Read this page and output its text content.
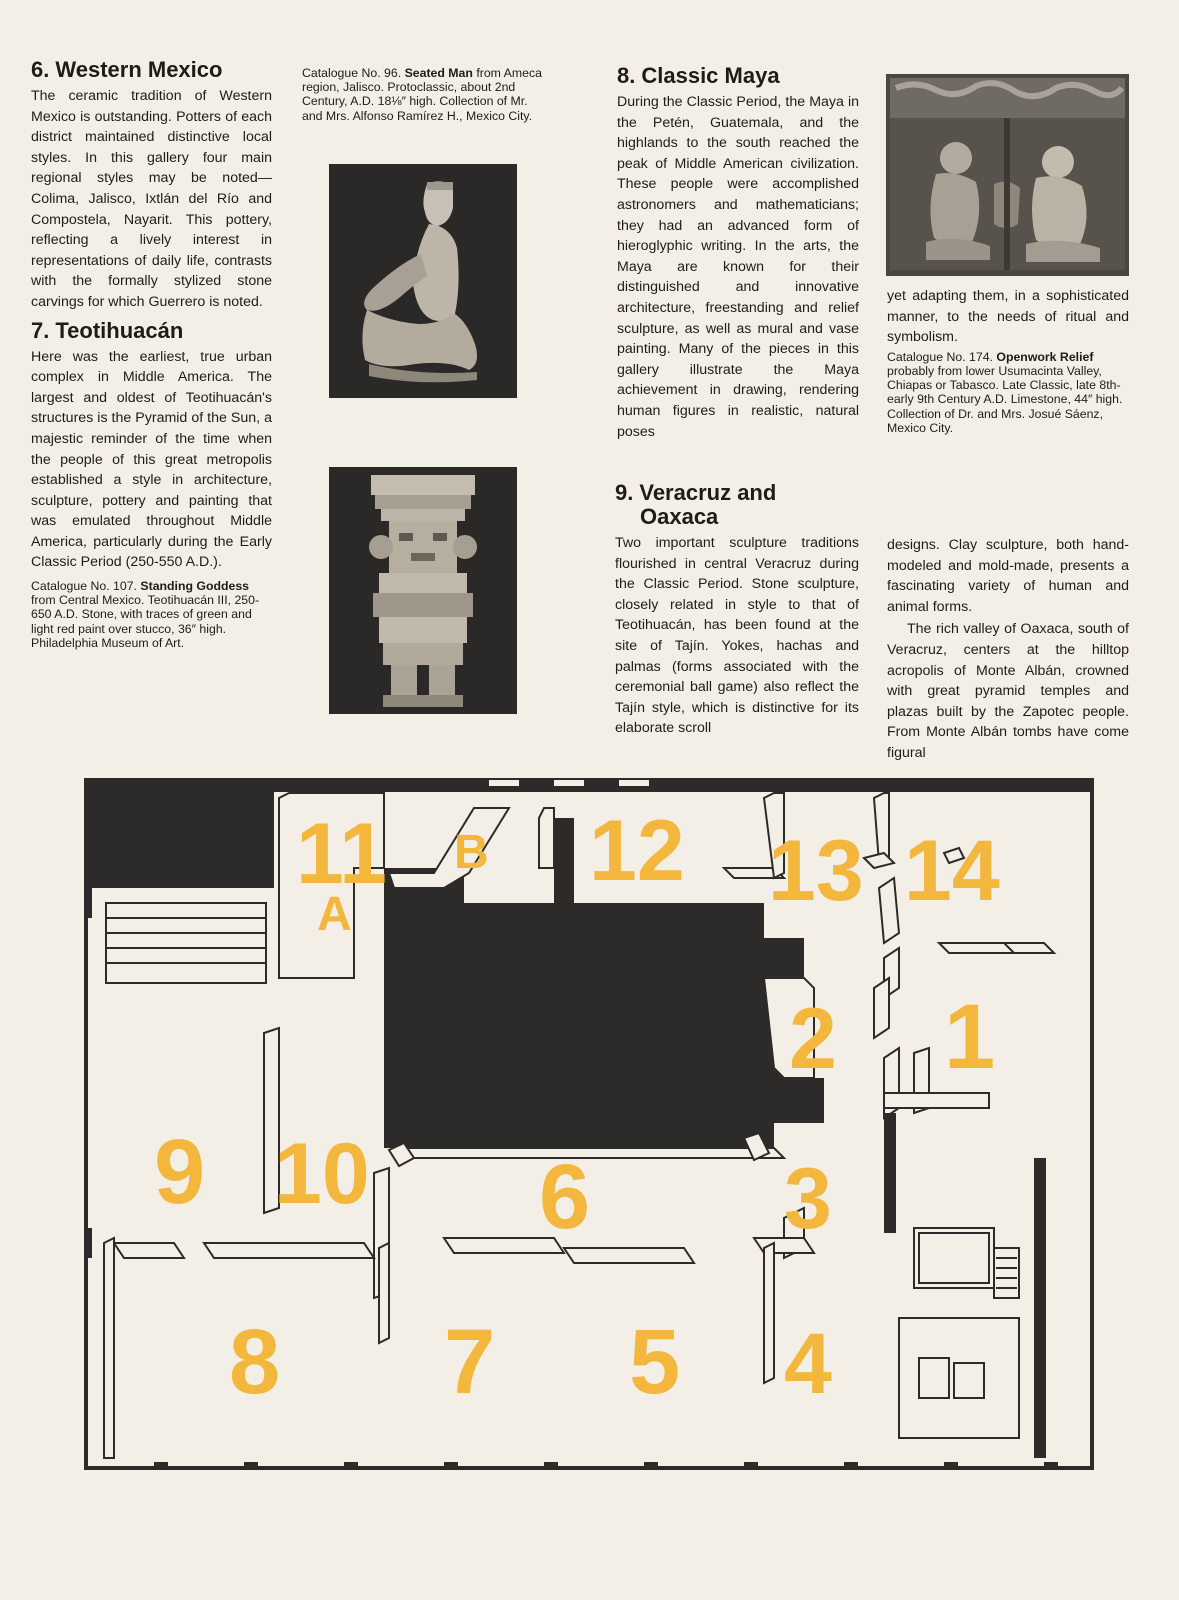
6. Western Mexico

The ceramic tradition of Western Mexico is outstanding. Potters of each district maintained distinctive local styles. In this gallery four main regional styles may be noted—Colima, Jalisco, Ixtlán del Río and Compostela, Nayarit. This pottery, reflecting a lively interest in representations of daily life, contrasts with the formally stylized stone carvings for which Guerrero is noted.

7. Teotihuacán

Here was the earliest, true urban complex in Middle America. The largest and oldest of Teotihuacán's structures is the Pyramid of the Sun, a majestic reminder of the time when the people of this great metropolis established a style in architecture, sculpture, pottery and painting that was emulated throughout Middle America, particularly during the Early Classic Period (250-550 A.D.).

Catalogue No. 107. Standing Goddess from Central Mexico. Teotihuacán III, 250-650 A.D. Stone, with traces of green and light red paint over stucco, 36″ high. Philadelphia Museum of Art.

Catalogue No. 96. Seated Man from Ameca region, Jalisco. Protoclassic, about 2nd Century, A.D. 18⅛″ high. Collection of Mr. and Mrs. Alfonso Ramírez H., Mexico City.

8. Classic Maya

During the Classic Period, the Maya in the Petén, Guatemala, and the highlands to the south reached the peak of Middle American civilization. These people were accomplished astronomers and mathematicians; they had an advanced form of hieroglyphic writing. In the arts, the Maya are known for their distinguished and innovative architecture, freestanding and relief sculpture, as well as mural and vase painting. Many of the pieces in this gallery illustrate the Maya achievement in drawing, rendering human figures in realistic, natural poses

9. Veracruz and
Oaxaca

Two important sculpture traditions flourished in central Veracruz during the Classic Period. Stone sculpture, closely related in style to that of Teotihuacán, has been found at the site of Tajín. Yokes, hachas and palmas (forms associated with the ceremonial ball game) also reflect the Tajín style, which is distinctive for its elaborate scroll

yet adapting them, in a sophisticated manner, to the needs of ritual and symbolism.

Catalogue No. 174. Openwork Relief probably from lower Usumacinta Valley, Chiapas or Tabasco. Late Classic, late 8th-early 9th Century A.D. Limestone, 44″ high. Collection of Dr. and Mrs. Josué Sáenz, Mexico City.

designs. Clay sculpture, both hand-modeled and mold-made, presents a fascinating variety of human and animal forms.

The rich valley of Oaxaca, south of Veracruz, centers at the hilltop acropolis of Monte Albán, crowned with great pyramid temples and plazas built by the Zapotec people. From Monte Albán tombs have come figural

11
A
B 12 13 14
1
2
3
4
5
6
7
8
9 10
